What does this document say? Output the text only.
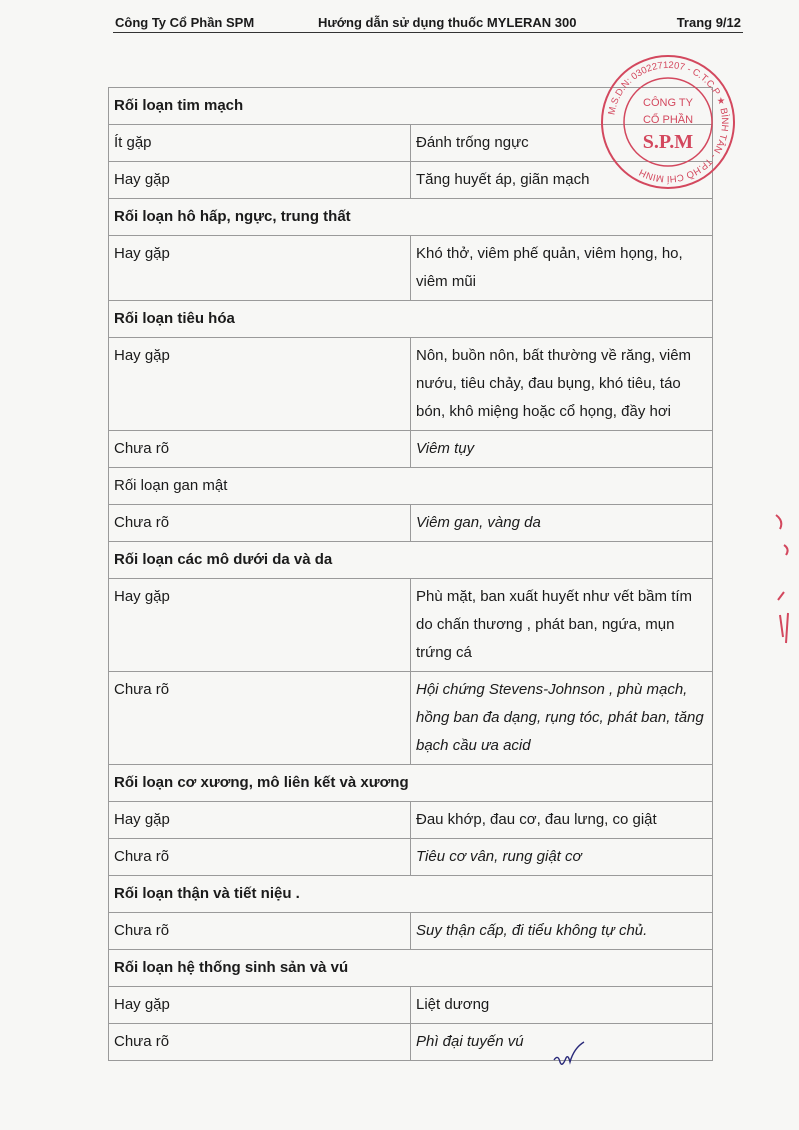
Công Ty Cổ Phần SPM	Hướng dẫn sử dụng thuốc MYLERAN 300	Trang 9/12
Rối loạn tim mạch	
Ít gặp	Đánh trống ngực
Hay gặp	Tăng huyết áp, giãn mạch
Rối loạn hô hấp, ngực, trung thất	
Hay gặp	Khó thở, viêm phế quản, viêm họng, ho, viêm mũi
Rối loạn tiêu hóa	
Hay gặp	Nôn, buồn nôn, bất thường về răng, viêm nướu, tiêu chảy, đau bụng, khó tiêu, táo bón, khô miệng hoặc cổ họng, đầy hơi
Chưa rõ	Viêm tụy
Rối loạn gan mật	
Chưa rõ	Viêm gan, vàng da
Rối loạn các mô dưới da và da	
Hay gặp	Phù mặt, ban xuất huyết như vết bầm tím do chấn thương , phát ban, ngứa, mụn trứng cá
Chưa rõ	Hội chứng Stevens-Johnson , phù mạch, hồng ban đa dạng, rụng tóc, phát ban, tăng bạch cầu ưa acid
Rối loạn cơ xương, mô liên kết và xương	
Hay gặp	Đau khớp, đau cơ, đau lưng, co giật
Chưa rõ	Tiêu cơ vân, rung giật cơ
Rối loạn thận và tiết niệu .	
Chưa rõ	Suy thận cấp, đi tiểu không tự chủ.
Rối loạn hệ thống sinh sản và vú	
Hay gặp	Liệt dương
Chưa rõ	Phì đại tuyến vú
M.S.D.N: 0302271207 - C.T.C.P ★ BÌNH TÂN - TP.HỒ CHÍ MINH
CÔNG TY
CỔ PHẦN
S.P.M
